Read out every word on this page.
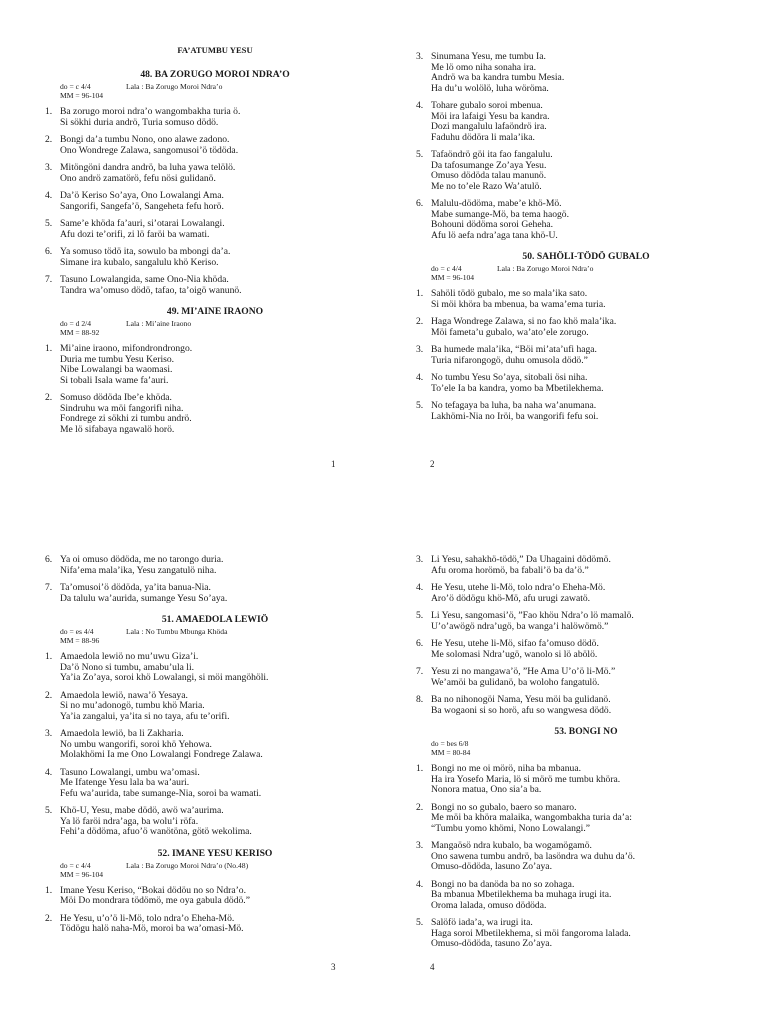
FA’ATUMBU YESU
48. BA ZORUGO MOROI NDRA’O
do = c 4/4	Lala : Ba Zorugo Moroi Ndra’o
MM = 96-104
1. Ba zorugo moroi ndra’o wangombakha turia ö.
Si sökhi duria andrö, Turia somuso dödö.
2. Bongi da’a tumbu Nono, ono alawe zadono.
Ono Wondrege Zalawa, sangomusoi’ö tödöda.
3. Mitöngöni dandra andrö, ba luha yawa telölö.
Ono andrö zamatörö, fefu nösi gulidanö.
4. Da’ö Keriso So’aya, Ono Lowalangi Ama.
Sangorifi, Sangefa’ö, Sangeheta fefu horö.
5. Same’e khöda fa’auri, si’otarai Lowalangi.
Afu dozi te’orifi, zi lö faröi ba wamati.
6. Ya somuso tödö ita, sowulo ba mbongi da’a.
Simane ira kubalo, sangalulu khö Keriso.
7. Tasuno Lowalangida, same Ono-Nia khöda.
Tandra wa’omuso dödö, tafao, ta’oigö wanunö.
49. MI’AINE IRAONO
do = d 2/4	Lala : Mi’aine Iraono
MM = 88-92
1. Mi’aine iraono, mifondrondrongo.
Duria me tumbu Yesu Keriso.
Nibe Lowalangi ba waomasi.
Si tobali Isala wame fa’auri.
2. Somuso dödöda Ibe’e khöda.
Sindruhu wa möi fangorifi niha.
Fondrege zi sökhi zi tumbu andrö.
Me lö sifabaya ngawalö horö.
3. Sinumana Yesu, me tumbu Ia.
Me lö omo niha sonaha ira.
Andrö wa ba kandra tumbu Mesia.
Ha du’u wolölö, luha wöröma.
4. Tohare gubalo soroi mbenua.
Möi ira lafaigi Yesu ba kandra.
Dozi mangalulu lafaöndrö ira.
Faduhu dödöra li mala’ika.
5. Tafaöndrö göi ita fao fangalulu.
Da tafosumange Zo’aya Yesu.
Omuso dödöda talau manunö.
Me no to’ele Razo Wa’atulö.
6. Malulu-dödöma, mabe’e khö-Mö.
Mabe sumange-Mö, ba tema haogö.
Bohouni dödöma soroi Geheha.
Afu lö aefa ndra’aga tana khö-U.
50. SAHÖLI-TÖDÖ GUBALO
do = c 4/4	Lala : Ba Zorugo Moroi Ndra’o
MM = 96-104
1. Sahöli tödö gubalo, me so mala’ika sato.
Si möi khöra ba mbenua, ba wama’ema turia.
2. Haga Wondrege Zalawa, si no fao khö mala’ika.
Möi fameta’u gubalo, wa’ato’ele zorugo.
3. Ba humede mala’ika, “Böi mi’ata’ufi haga.
Turia nifarongogö, duhu omusola dödö.”
4. No tumbu Yesu So’aya, sitobali ösi niha.
To’ele Ia ba kandra, yomo ba Mbetilekhema.
5. No tefagaya ba luha, ba naha wa’anumana.
Lakhömi-Nia no Iröi, ba wangorifi fefu soi.
6. Ya oi omuso dödöda, me no tarongo duria.
Nifa’ema mala’ika, Yesu zangatulö niha.
7. Ta’omusoi’ö dödöda, ya’ita banua-Nia.
Da talulu wa’aurida, sumange Yesu So’aya.
51. AMAEDOLA LEWIÖ
do = es 4/4	Lala : No Tumbu Mbunga Khöda
MM = 88-96
1. Amaedola lewiö no mu’uwu Giza’i.
Da’ö Nono si tumbu, amabu’ula li.
Ya’ia Zo’aya, soroi khö Lowalangi, si möi mangöhöli.
2. Amaedola lewiö, nawa’ö Yesaya.
Si no mu’adonogö, tumbu khö Maria.
Ya’ia zangalui, ya’ita si no taya, afu te’orifi.
3. Amaedola lewiö, ba li Zakharia.
No umbu wangorifi, soroi khö Yehowa.
Molakhömi Ia me Ono Lowalangi Fondrege Zalawa.
4. Tasuno Lowalangi, umbu wa’omasi.
Me Ifatenge Yesu lala ba wa’auri.
Fefu wa’aurida, tabe sumange-Nia, soroi ba wamati.
5. Khö-U, Yesu, mabe dödö, awö wa’aurima.
Ya lö faröi ndra’aga, ba wolu’i röfa.
Fehi’a dödöma, afuo’ö wanötöna, götö wekolima.
52. IMANE YESU KERISO
do = c 4/4	Lala : Ba Zorugo Moroi Ndra’o (No.48)
MM = 96-104
1. Imane Yesu Keriso, “Bokai dödöu no so Ndra’o.
Möi Do mondrara tödömö, me oya gabula dödö.”
2. He Yesu, u’o’ö li-Mö, tolo ndra’o Eheha-Mö.
Tödögu halö naha-Mö, moroi ba wa’omasi-Mö.
3. Li Yesu, sahakhö-tödö,” Da Uhagaini dödömö.
Afu oroma horömö, ba fabali’ö ba da’ö.”
4. He Yesu, utehe li-Mö, tolo ndra’o Eheha-Mö.
Aro’ö dödögu khö-Mö, afu urugi zawatö.
5. Li Yesu, sangomasi’ö, ”Fao khöu Ndra’o lö mamalö.
U’o’awögö ndra’ugö, ba wanga’i halöwömö.”
6. He Yesu, utehe li-Mö, sifao fa’omuso dödö.
Me solomasi Ndra’ugö, wanolo si lö abölö.
7. Yesu zi no mangawa’ö, ”He Ama U’o’ö li-Mö.”
We’amöi ba gulidanö, ba woloho fangatulö.
8. Ba no nihonogöi Nama, Yesu möi ba gulidanö.
Ba wogaoni si so horö, afu so wangwesa dödö.
53. BONGI NO
do = bes 6/8
MM = 80-84
1. Bongi no me oi mörö, niha ba mbanua.
Ha ira Yosefo Maria, lö si mörö me tumbu khöra.
Nonora matua, Ono sia’a ba.
2. Bongi no so gubalo, baero so manaro.
Me möi ba khöra malaika, wangombakha turia da’a:
“Tumbu yomo khömi, Nono Lowalangi.”
3. Mangaösö ndra kubalo, ba wogamögamö.
Ono sawena tumbu andrö, ba lasöndra wa duhu da’ö.
Omuso-dödöda, lasuno Zo’aya.
4. Bongi no ba danöda ba no so zohaga.
Ba mbanua Mbetilekhema ba muhaga irugi ita.
Oroma lalada, omuso dödöda.
5. Salöfö iada’a, wa irugi ita.
Haga soroi Mbetilekhema, si möi fangoroma lalada.
Omuso-dödöda, tasuno Zo’aya.
1	2
3	4
